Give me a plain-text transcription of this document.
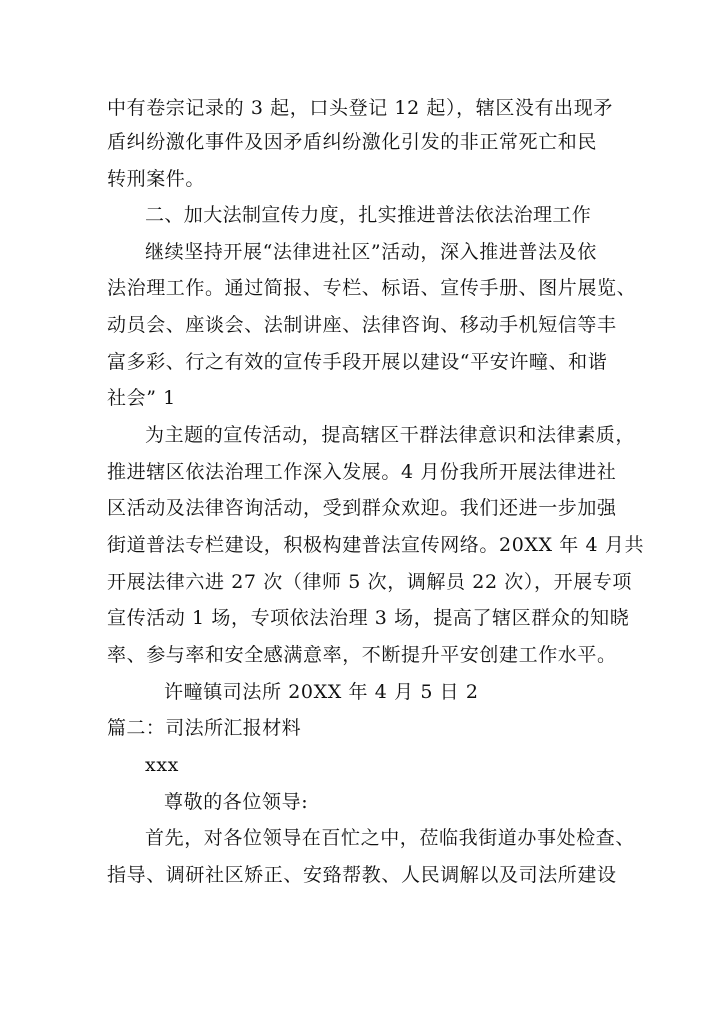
中有卷宗记录的 3 起，口头登记 12 起），辖区没有出现矛
盾纠纷激化事件及因矛盾纠纷激化引发的非正常死亡和民
转刑案件。
二、加大法制宣传力度，扎实推进普法依法治理工作
继续坚持开展“法律进社区”活动，深入推进普法及依
法治理工作。通过简报、专栏、标语、宣传手册、图片展览、
动员会、座谈会、法制讲座、法律咨询、移动手机短信等丰
富多彩、行之有效的宣传手段开展以建设“平安许疃、和谐
社会” 1
为主题的宣传活动，提高辖区干群法律意识和法律素质，
推进辖区依法治理工作深入发展。4 月份我所开展法律进社
区活动及法律咨询活动，受到群众欢迎。我们还进一步加强
街道普法专栏建设，积极构建普法宣传网络。20XX 年 4 月共
开展法律六进 27 次（律师 5 次，调解员 22 次），开展专项
宣传活动 1 场，专项依法治理 3 场，提高了辖区群众的知晓
率、参与率和安全感满意率，不断提升平安创建工作水平。
许疃镇司法所 20XX 年 4 月 5 日 2
篇二：司法所汇报材料
xxx
尊敬的各位领导:
首先，对各位领导在百忙之中，莅临我街道办事处检查、
指导、调研社区矫正、安臵帮教、人民调解以及司法所建设
